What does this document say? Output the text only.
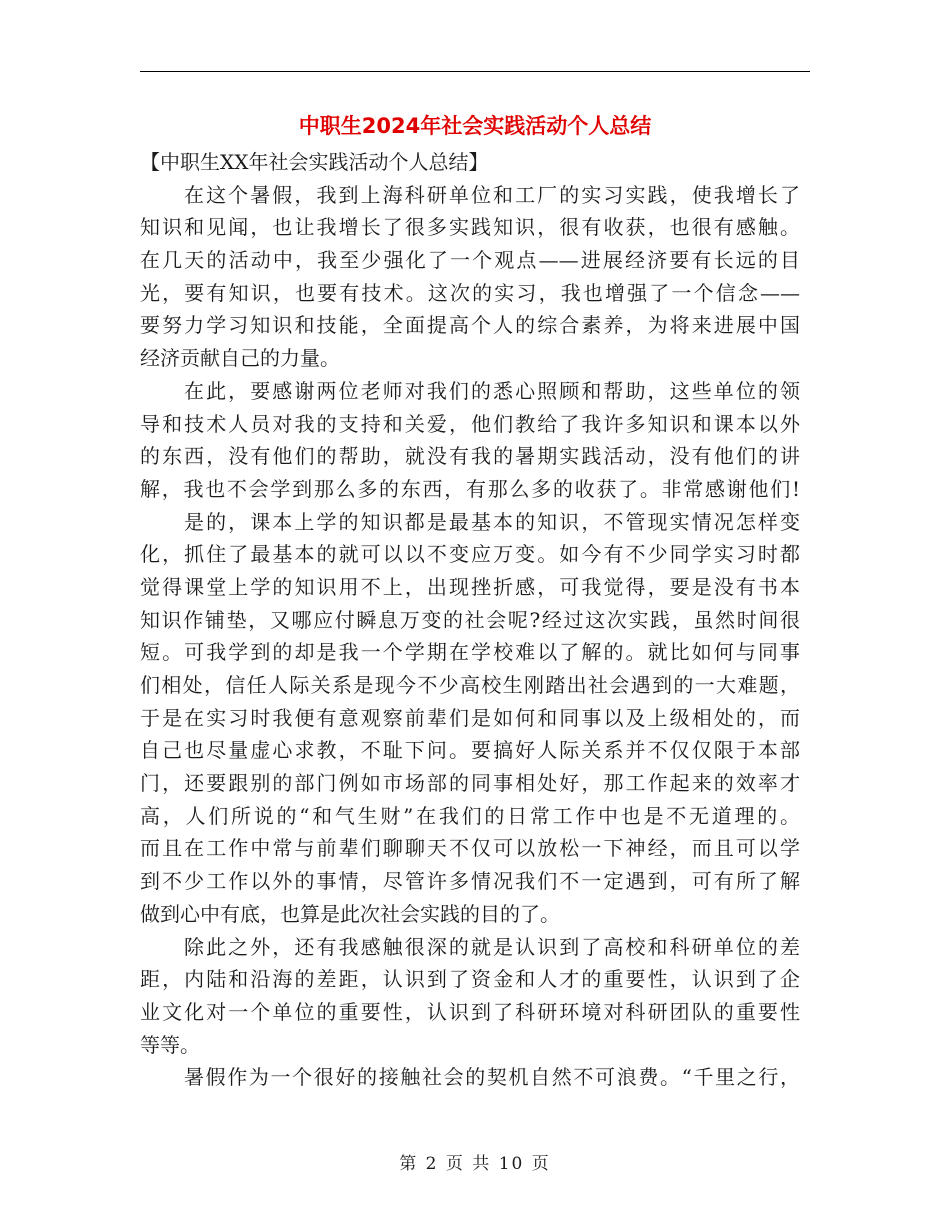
中职生2024年社会实践活动个人总结
【中职生XX年社会实践活动个人总结】
在这个暑假，我到上海科研单位和工厂的实习实践，使我增长了
知识和见闻，也让我增长了很多实践知识，很有收获，也很有感触。
在几天的活动中，我至少强化了一个观点——进展经济要有长远的目
光，要有知识，也要有技术。这次的实习，我也增强了一个信念——
要努力学习知识和技能，全面提高个人的综合素养，为将来进展中国
经济贡献自己的力量。
在此，要感谢两位老师对我们的悉心照顾和帮助，这些单位的领
导和技术人员对我的支持和关爱，他们教给了我许多知识和课本以外
的东西，没有他们的帮助，就没有我的暑期实践活动，没有他们的讲
解，我也不会学到那么多的东西，有那么多的收获了。非常感谢他们!
是的，课本上学的知识都是最基本的知识，不管现实情况怎样变
化，抓住了最基本的就可以以不变应万变。如今有不少同学实习时都
觉得课堂上学的知识用不上，出现挫折感，可我觉得，要是没有书本
知识作铺垫，又哪应付瞬息万变的社会呢?经过这次实践，虽然时间很
短。可我学到的却是我一个学期在学校难以了解的。就比如何与同事
们相处，信任人际关系是现今不少高校生刚踏出社会遇到的一大难题，
于是在实习时我便有意观察前辈们是如何和同事以及上级相处的，而
自己也尽量虚心求教，不耻下问。要搞好人际关系并不仅仅限于本部
门，还要跟别的部门例如市场部的同事相处好，那工作起来的效率才
高，人们所说的“和气生财”在我们的日常工作中也是不无道理的。
而且在工作中常与前辈们聊聊天不仅可以放松一下神经，而且可以学
到不少工作以外的事情，尽管许多情况我们不一定遇到，可有所了解
做到心中有底，也算是此次社会实践的目的了。
除此之外，还有我感触很深的就是认识到了高校和科研单位的差
距，内陆和沿海的差距，认识到了资金和人才的重要性，认识到了企
业文化对一个单位的重要性，认识到了科研环境对科研团队的重要性
等等。
暑假作为一个很好的接触社会的契机自然不可浪费。“千里之行，
第 2 页 共 10 页
